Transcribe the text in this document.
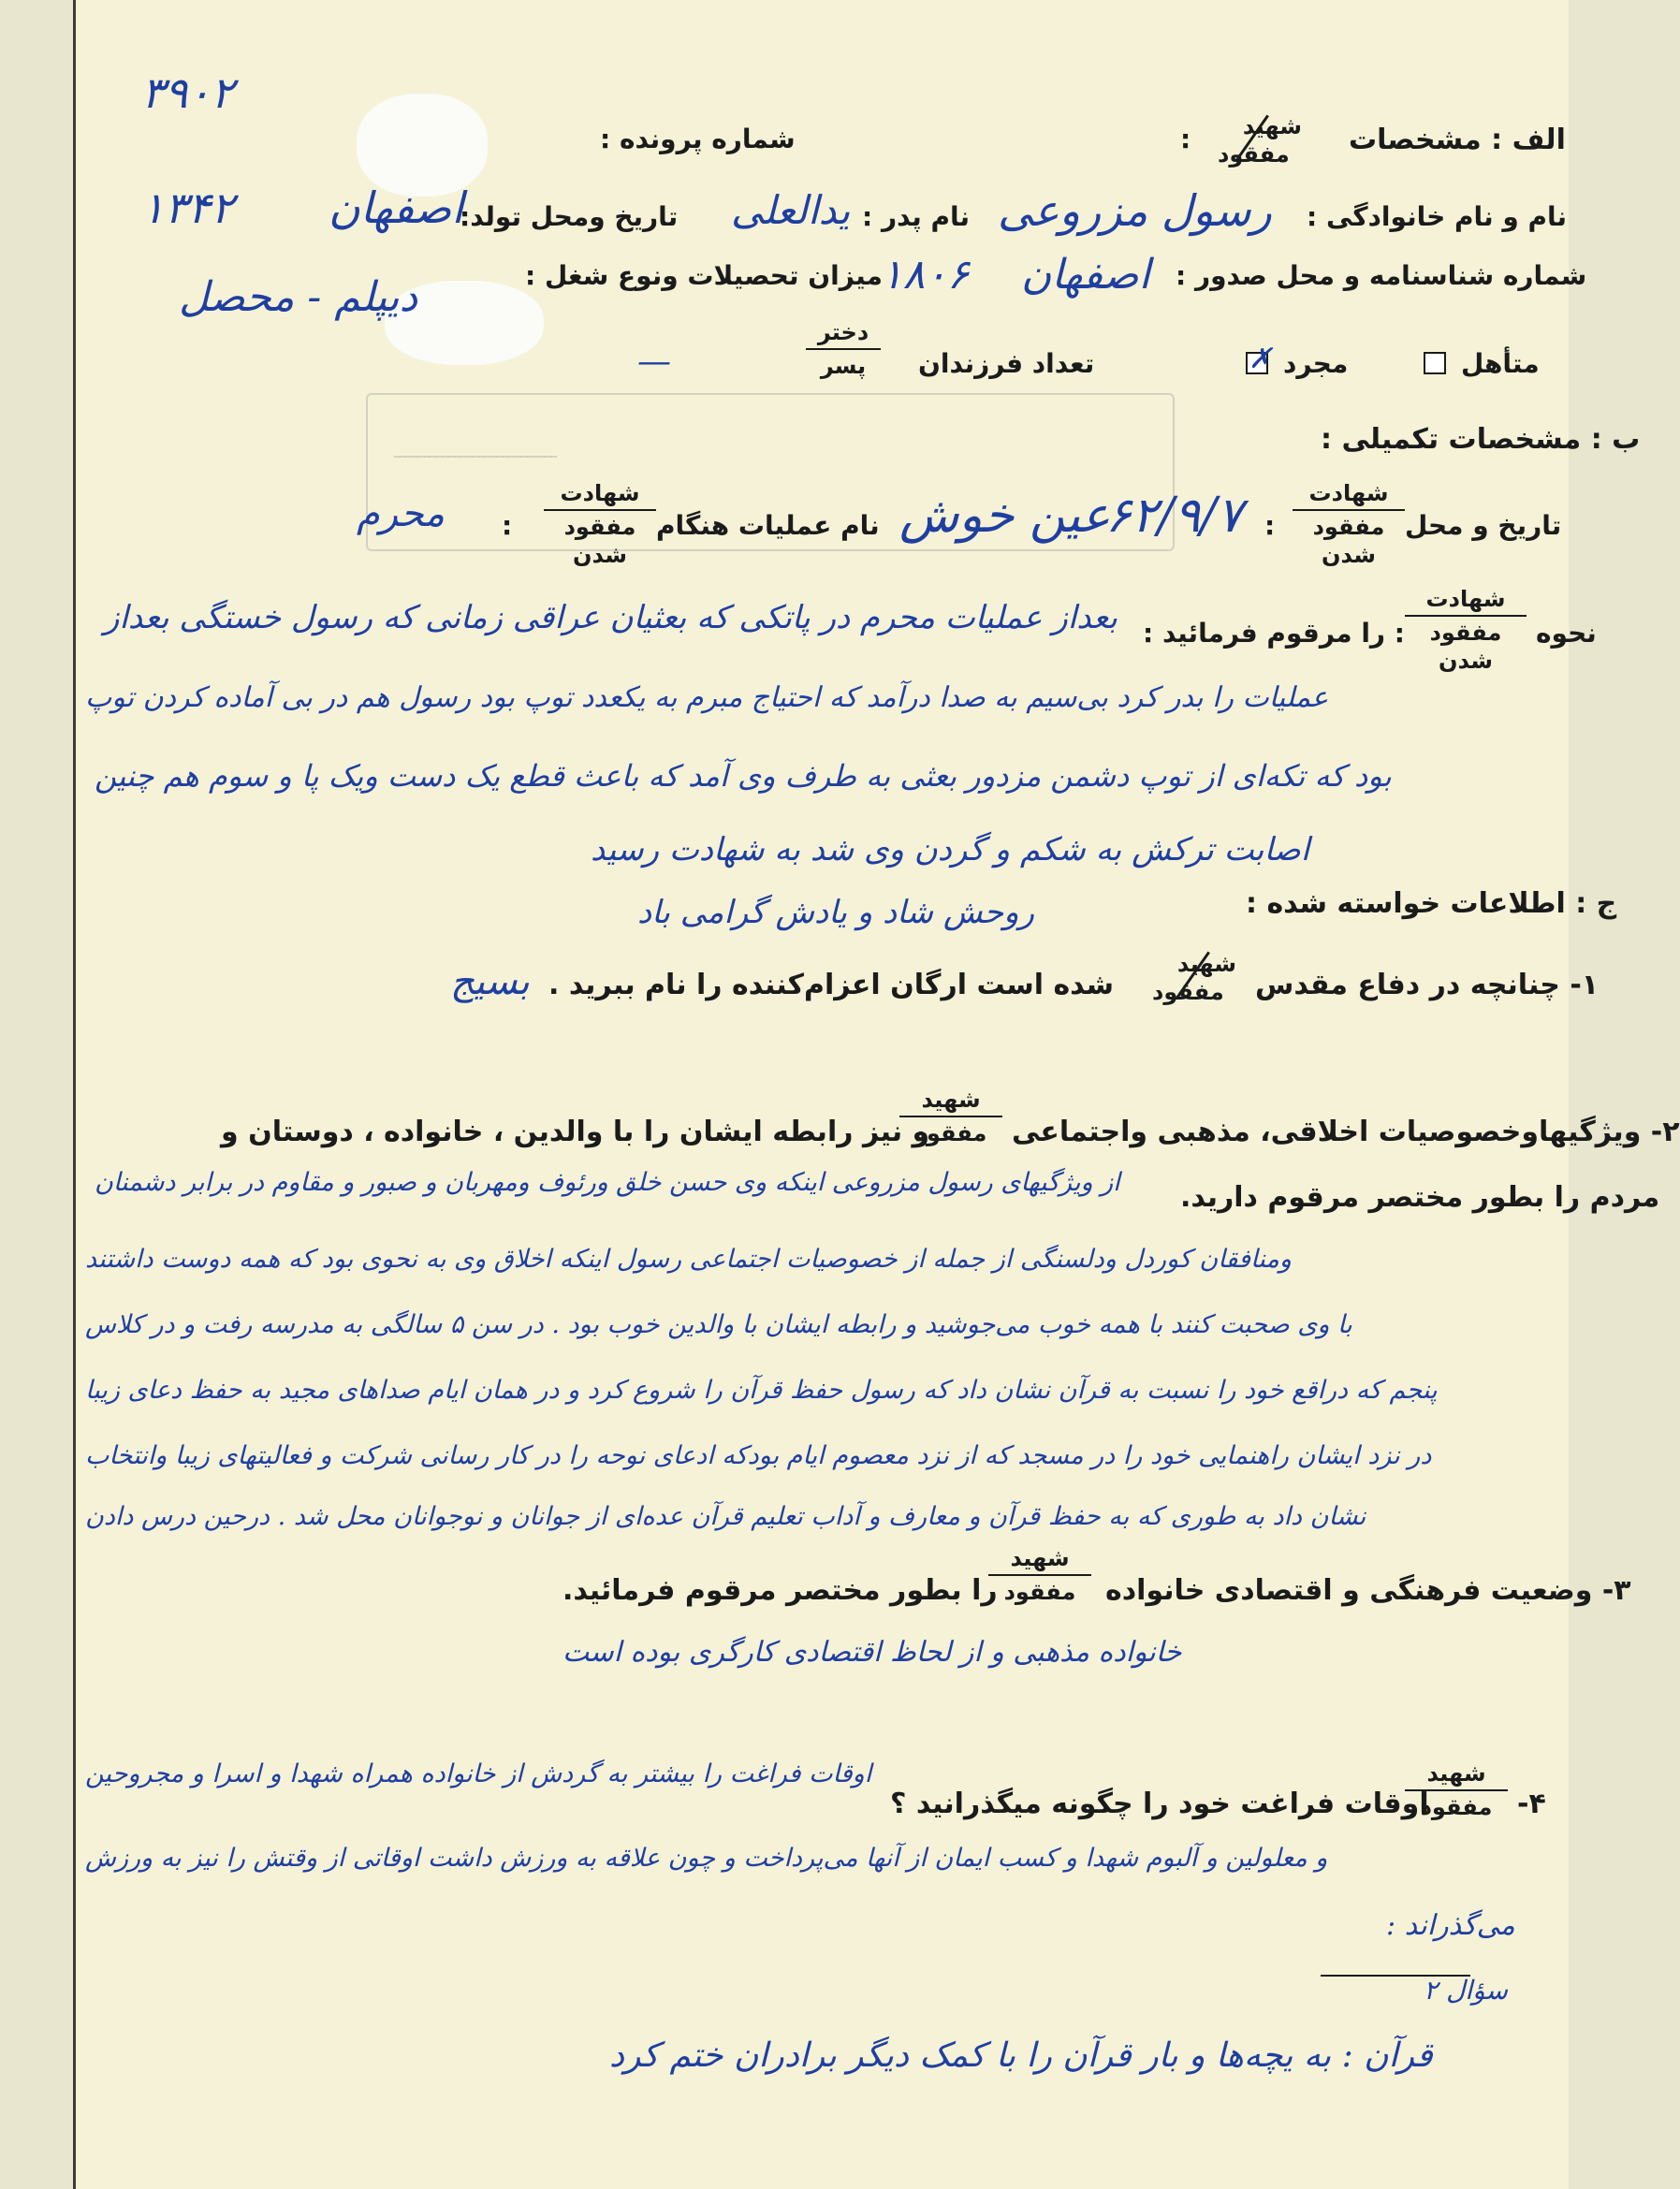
ـــــــــــــــــــــــــــ
۳۹۰۲
شماره پرونده :	الف : مشخصات
شهید
مفقود
:
نام و نام خانوادگی :
رسول مزروعی
نام پدر :
یدالعلی
تاریخ ومحل تولد:
اصفهان
۱۳۴۲
شماره شناسنامه و محل صدور :
اصفهان
۱۸۰۶
میزان تحصیلات ونوع شغل :
دیپلم - محصل
متأهل
مجرد
✗
تعداد فرزندان
دختر
پسر
—
ب : مشخصات تکمیلی :
تاریخ و محل
شهادت
مفقود شدن
:
۶۲/۹/۷
عین خوش
نام عملیات هنگام
شهادت
مفقود شدن
:
محرم
نحوه
شهادت
مفقود شدن
: را مرقوم فرمائید :
بعداز عملیات محرم در پاتکی که بعثیان عراقی زمانی که رسول خستگی بعداز
عملیات را بدر کرد بی‌سیم به صدا درآمد که احتیاج مبرم به یکعدد توپ بود رسول هم در بی آماده کردن توپ
بود که تکه‌ای از توپ دشمن مزدور بعثی به طرف وی آمد که باعث قطع یک دست ویک پا و سوم هم چنین
اصابت ترکش به شکم و گردن وی شد به شهادت رسید
ج : اطلاعات خواسته شده :
روحش شاد و یادش گرامی باد
۱- چنانچه در دفاع مقدس
شهید
مفقود
شده است ارگان اعزام‌کننده را نام ببرید .
بسیج
۲- ویژگیهاوخصوصیات اخلاقی، مذهبی واجتماعی
شهید
مفقود
و نیز رابطه ایشان را با والدین ، خانواده ، دوستان و
مردم را بطور مختصر مرقوم دارید.
از ویژگیهای رسول مزروعی اینکه وی حسن خلق ورئوف ومهربان و صبور و مقاوم در برابر دشمنان
ومنافقان کوردل ودلسنگی از جمله از خصوصیات اجتماعی رسول اینکه اخلاق وی به نحوی بود که همه دوست داشتند
با وی صحبت کنند با همه خوب می‌جوشید و رابطه ایشان با والدین خوب بود . در سن ۵ سالگی به مدرسه رفت و در کلاس
پنجم که دراقع خود را نسبت به قرآن نشان داد که رسول حفظ قرآن را شروع کرد و در همان ایام صداهای مجید به حفظ دعای زیبا
در نزد ایشان راهنمایی خود را در مسجد که از نزد معصوم ایام بودکه ادعای نوحه را در کار رسانی شرکت و فعالیتهای زیبا وانتخاب
نشان داد به طوری که به حفظ قرآن و معارف و آداب تعلیم قرآن عده‌ای از جوانان و نوجوانان محل شد . درحین درس دادن
۳- وضعیت فرهنگی و اقتصادی خانواده
شهید
مفقود
را بطور مختصر مرقوم فرمائید.
خانواده مذهبی و از لحاظ اقتصادی کارگری بوده است
۴-
شهید
مفقود
اوقات فراغت خود را چگونه میگذرانید ؟
اوقات فراغت را بیشتر به گردش از خانواده همراه شهدا و اسرا و مجروحین
و معلولین و آلبوم شهدا و کسب ایمان از آنها می‌پرداخت و چون علاقه به ورزش داشت اوقاتی از وقتش را نیز به ورزش
می‌گذراند :
سؤال ۲
قرآن : به یچه‌ها و بار قرآن را با کمک دیگر برادران ختم کرد
